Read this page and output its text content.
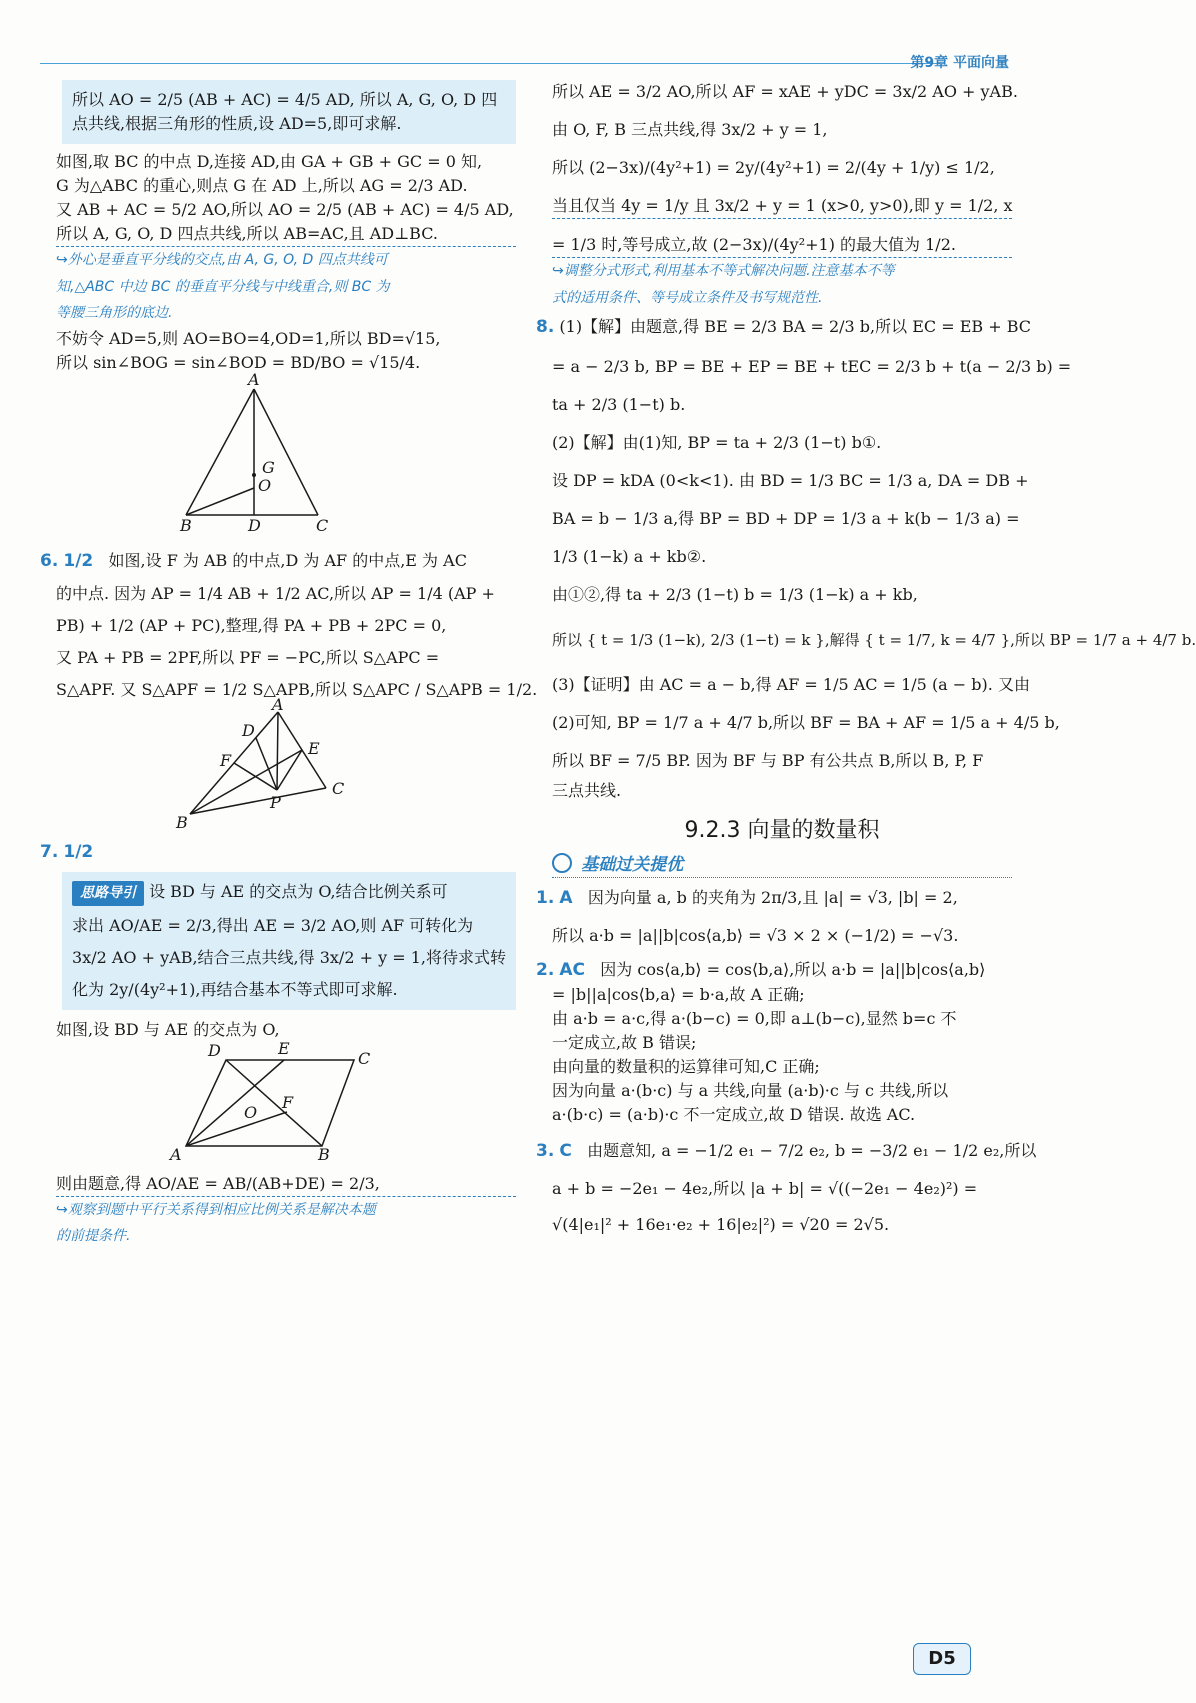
第9章 平面向量

所以 AO = 2/5 (AB + AC) = 4/5 AD, 所以 A, G, O, D 四

点共线,根据三角形的性质,设 AD=5,即可求解.

如图,取 BC 的中点 D,连接 AD,由 GA + GB + GC = 0 知,

G 为△ABC 的重心,则点 G 在 AD 上,所以 AG = 2/3 AD.

又 AB + AC = 5/2 AO,所以 AO = 2/5 (AB + AC) = 4/5 AD,

所以 A, G, O, D 四点共线,所以 AB=AC,且 AD⊥BC.

↪外心是垂直平分线的交点,由 A, G, O, D 四点共线可
知,△ABC 中边 BC 的垂直平分线与中线重合,则 BC 为
等腰三角形的底边.

不妨令 AD=5,则 AO=BO=4,OD=1,所以 BD=√15,

所以 sin∠BOG = sin∠BOD = BD/BO = √15/4.

A
G
O
B	D	C

6. 1/2 如图,设 F 为 AB 的中点,D 为 AF 的中点,E 为 AC

的中点. 因为 AP = 1/4 AB + 1/2 AC,所以 AP = 1/4 (AP +

PB) + 1/2 (AP + PC),整理,得 PA + PB + 2PC = 0,

又 PA + PB = 2PF,所以 PF = −PC,所以 S△APC =

S△APF. 又 S△APF = 1/2 S△APB,所以 S△APC / S△APB = 1/2.

A
D
E
F
P
C
B

7. 1/2

思路导引 设 BD 与 AE 的交点为 O,结合比例关系可

求出 AO/AE = 2/3,得出 AE = 3/2 AO,则 AF 可转化为

3x/2 AO + yAB,结合三点共线,得 3x/2 + y = 1,将待求式转

化为 2y/(4y²+1),再结合基本不等式即可求解.

如图,设 BD 与 AE 的交点为 O,

D	E
C
O
F
A	B

则由题意,得 AO/AE = AB/(AB+DE) = 2/3,

↪观察到题中平行关系得到相应比例关系是解决本题
的前提条件.

所以 AE = 3/2 AO,所以 AF = xAE + yDC = 3x/2 AO + yAB.

由 O, F, B 三点共线,得 3x/2 + y = 1,

所以 (2−3x)/(4y²+1) = 2y/(4y²+1) = 2/(4y + 1/y) ≤ 1/2,

当且仅当 4y = 1/y 且 3x/2 + y = 1 (x>0, y>0),即 y = 1/2, x

= 1/3 时,等号成立,故 (2−3x)/(4y²+1) 的最大值为 1/2.

↪调整分式形式,利用基本不等式解决问题.注意基本不等
式的适用条件、等号成立条件及书写规范性.

8. (1)【解】由题意,得 BE = 2/3 BA = 2/3 b,所以 EC = EB + BC

= a − 2/3 b, BP = BE + EP = BE + tEC = 2/3 b + t(a − 2/3 b) =

ta + 2/3 (1−t) b.

(2)【解】由(1)知, BP = ta + 2/3 (1−t) b①.

设 DP = kDA (0<k<1). 由 BD = 1/3 BC = 1/3 a, DA = DB +

BA = b − 1/3 a,得 BP = BD + DP = 1/3 a + k(b − 1/3 a) =

1/3 (1−k) a + kb②.

由①②,得 ta + 2/3 (1−t) b = 1/3 (1−k) a + kb,

所以 { t = 1/3 (1−k), 2/3 (1−t) = k },解得 { t = 1/7, k = 4/7 },所以 BP = 1/7 a + 4/7 b.

(3)【证明】由 AC = a − b,得 AF = 1/5 AC = 1/5 (a − b). 又由

(2)可知, BP = 1/7 a + 4/7 b,所以 BF = BA + AF = 1/5 a + 4/5 b,

所以 BF = 7/5 BP. 因为 BF 与 BP 有公共点 B,所以 B, P, F

三点共线.

9.2.3 向量的数量积
基础过关提优

1. A 因为向量 a, b 的夹角为 2π/3,且 |a| = √3, |b| = 2,

所以 a·b = |a||b|cos⟨a,b⟩ = √3 × 2 × (−1/2) = −√3.

2. AC 因为 cos⟨a,b⟩ = cos⟨b,a⟩,所以 a·b = |a||b|cos⟨a,b⟩

= |b||a|cos⟨b,a⟩ = b·a,故 A 正确;

由 a·b = a·c,得 a·(b−c) = 0,即 a⊥(b−c),显然 b=c 不

一定成立,故 B 错误;

由向量的数量积的运算律可知,C 正确;

因为向量 a·(b·c) 与 a 共线,向量 (a·b)·c 与 c 共线,所以

a·(b·c) = (a·b)·c 不一定成立,故 D 错误. 故选 AC.

3. C 由题意知, a = −1/2 e₁ − 7/2 e₂, b = −3/2 e₁ − 1/2 e₂,所以

a + b = −2e₁ − 4e₂,所以 |a + b| = √((−2e₁ − 4e₂)²) =

√(4|e₁|² + 16e₁·e₂ + 16|e₂|²) = √20 = 2√5.

D5
